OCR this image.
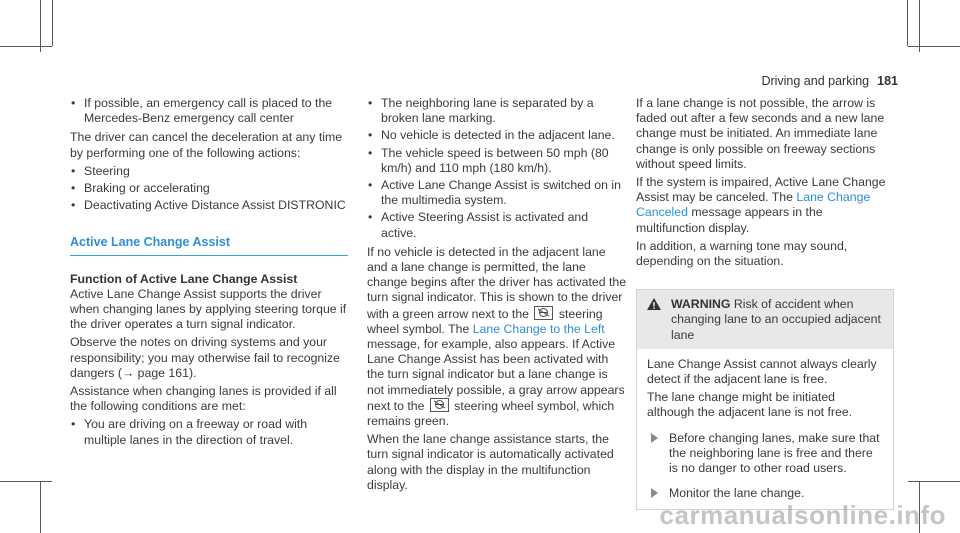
Driving and parking 181
• If possible, an emergency call is placed to the Mercedes-Benz emergency call center

The driver can cancel the deceleration at any time by performing one of the following actions:

• Steering
• Braking or accelerating
• Deactivating Active Distance Assist DISTRONIC
Active Lane Change Assist
Function of Active Lane Change Assist

Active Lane Change Assist supports the driver when changing lanes by applying steering torque if the driver operates a turn signal indicator.

Observe the notes on driving systems and your responsibility; you may otherwise fail to recognize dangers (→ page 161).

Assistance when changing lanes is provided if all the following conditions are met:

• You are driving on a freeway or road with multiple lanes in the direction of travel.
• The neighboring lane is separated by a broken lane marking.
• No vehicle is detected in the adjacent lane.
• The vehicle speed is between 50 mph (80 km/h) and 110 mph (180 km/h).
• Active Lane Change Assist is switched on in the multimedia system.
• Active Steering Assist is activated and active.

If no vehicle is detected in the adjacent lane and a lane change is permitted, the lane change begins after the driver has activated the turn signal indicator. This is shown to the driver with a green arrow next to the steering wheel symbol. The Lane Change to the Left message, for example, also appears. If Active Lane Change Assist has been activated with the turn signal indicator but a lane change is not immediately possible, a gray arrow appears next to the steering wheel symbol, which remains green.

When the lane change assistance starts, the turn signal indicator is automatically activated along with the display in the multifunction display.

If a lane change is not possible, the arrow is faded out after a few seconds and a new lane change must be initiated. An immediate lane change is only possible on freeway sections without speed limits.

If the system is impaired, Active Lane Change Assist may be canceled. The Lane Change Canceled message appears in the multifunction display.

In addition, a warning tone may sound, depending on the situation.

WARNING Risk of accident when changing lane to an occupied adjacent lane

Lane Change Assist cannot always clearly detect if the adjacent lane is free.

The lane change might be initiated although the adjacent lane is not free.

Before changing lanes, make sure that the neighboring lane is free and there is no danger to other road users.
Monitor the lane change.
carmanualsonline.info
